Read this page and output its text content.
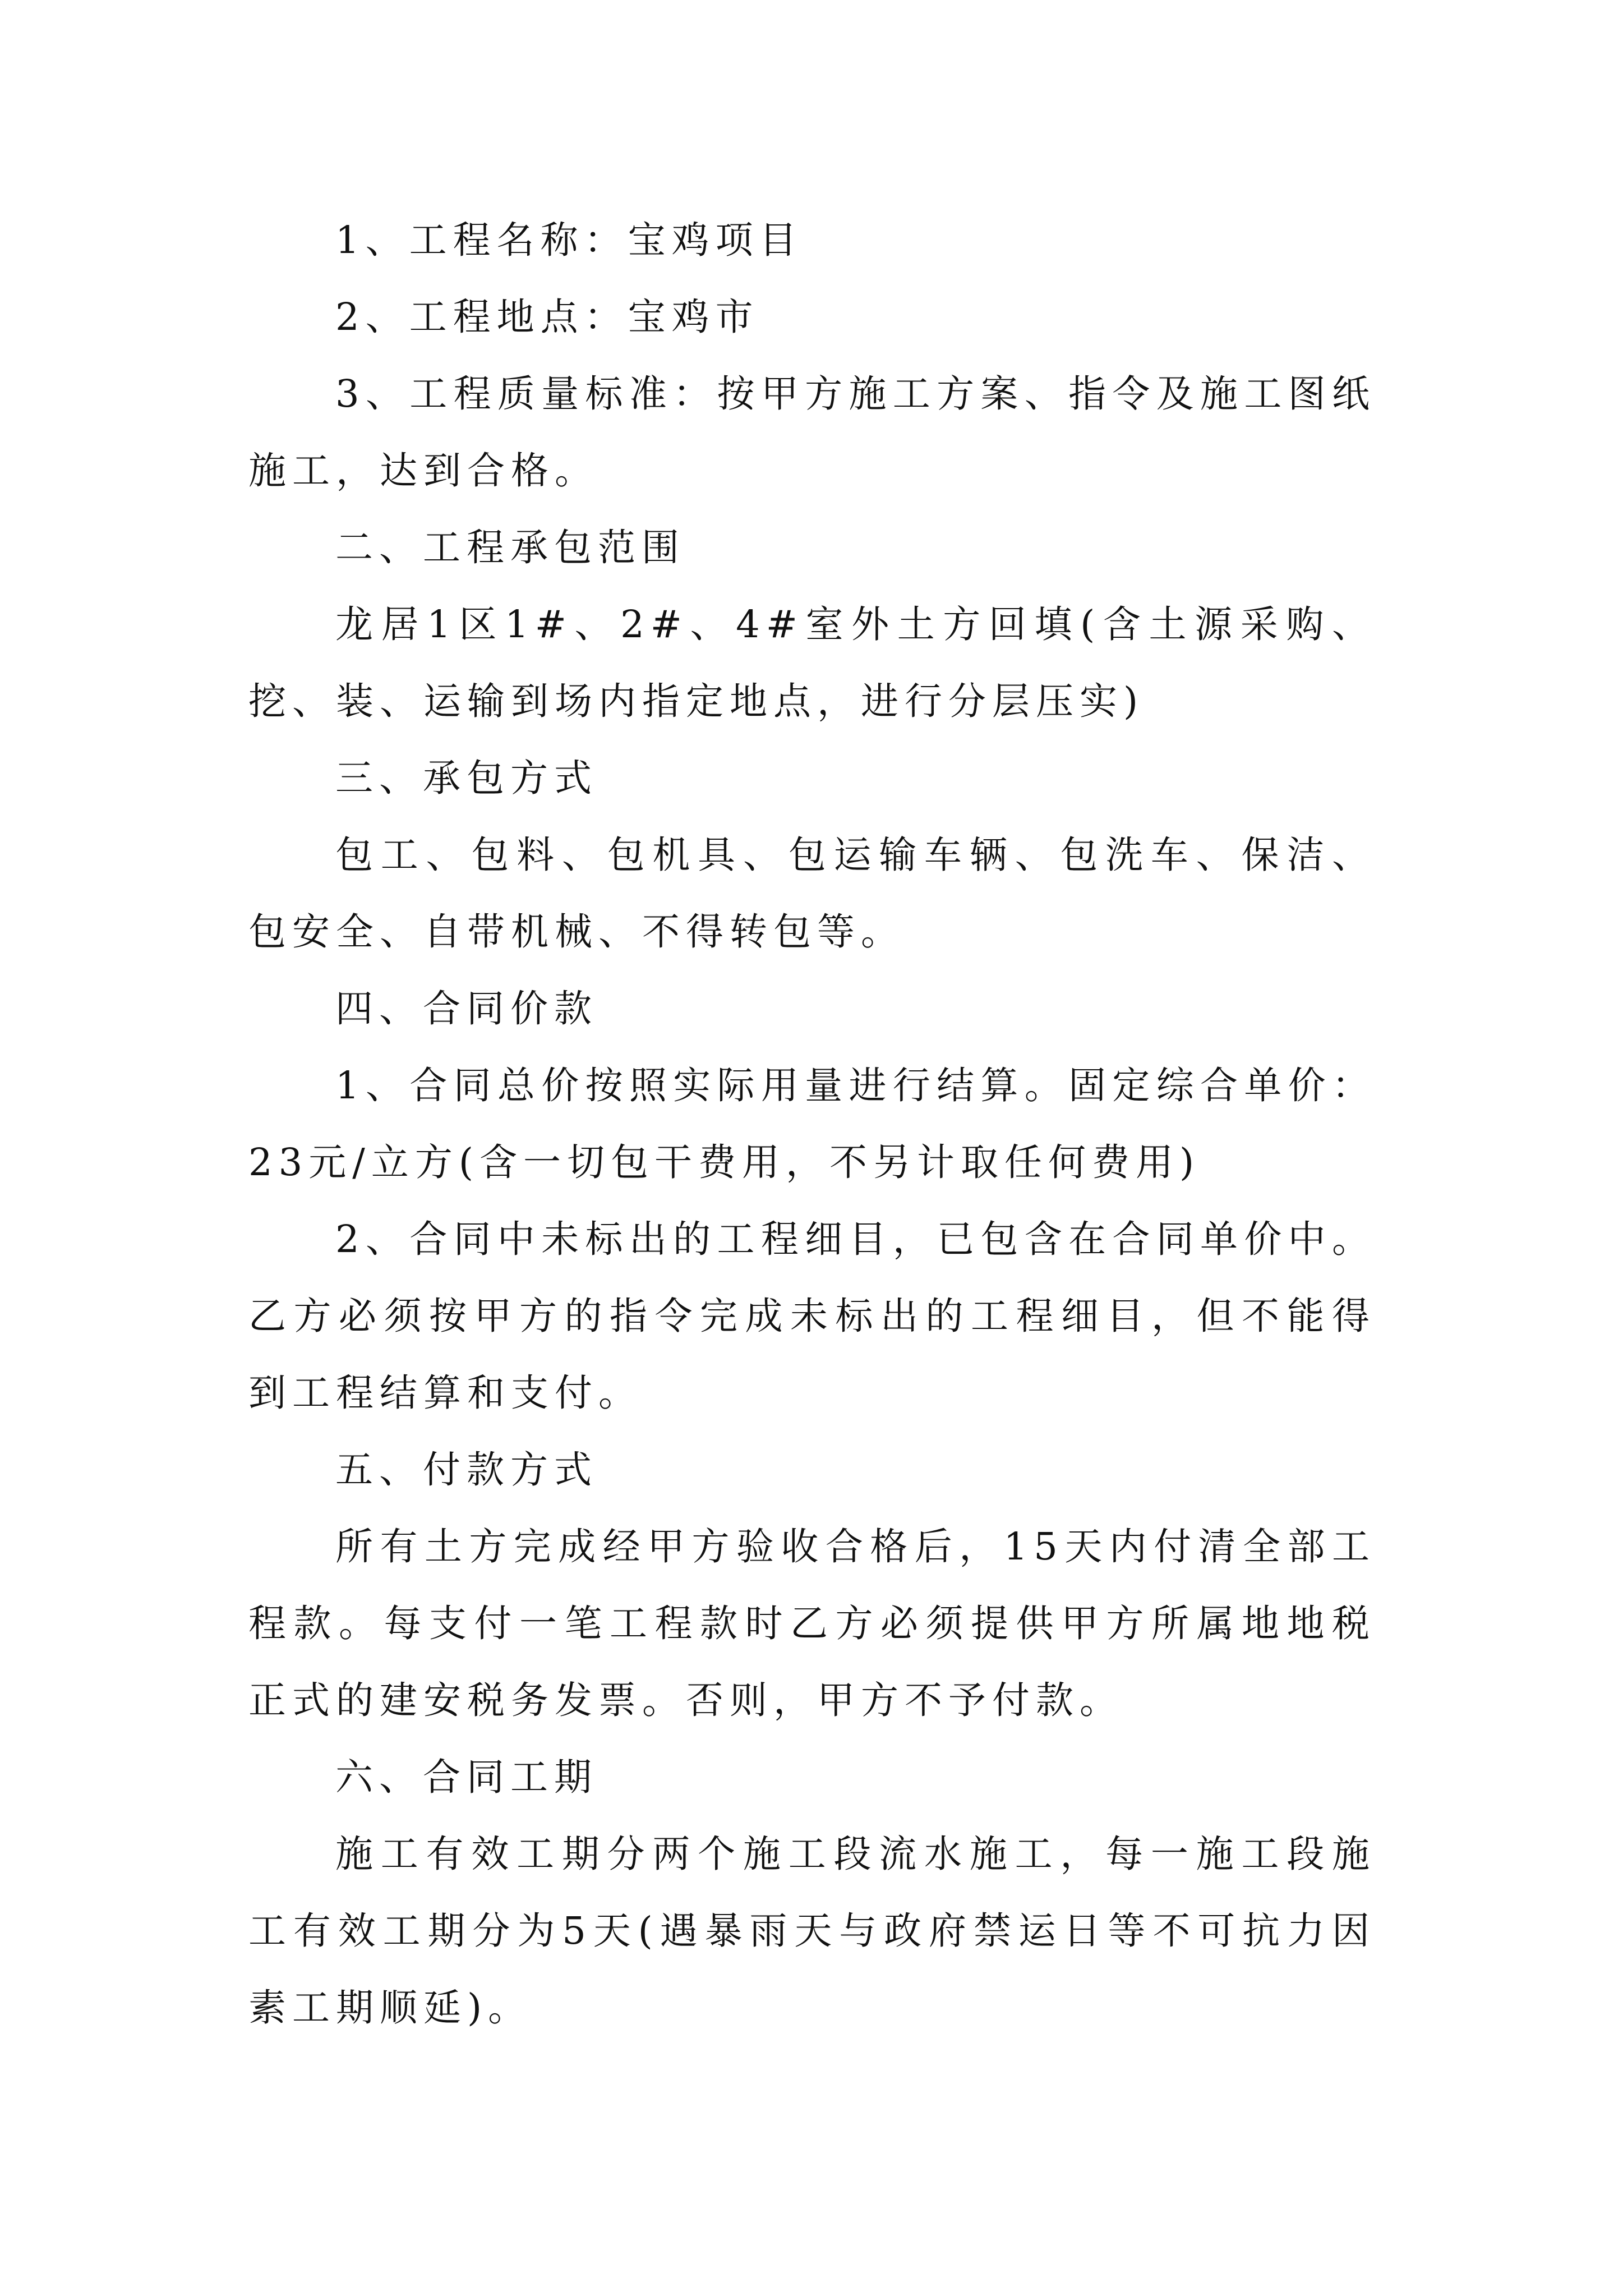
1、工程名称：宝鸡项目

2、工程地点：宝鸡市

3、工程质量标准：按甲方施工方案、指令及施工图纸施工，达到合格。

二、工程承包范围

龙居1区1#、2#、4#室外土方回填(含土源采购、挖、装、运输到场内指定地点，进行分层压实)

三、承包方式

包工、包料、包机具、包运输车辆、包洗车、保洁、包安全、自带机械、不得转包等。

四、合同价款

1、合同总价按照实际用量进行结算。固定综合单价：23元/立方(含一切包干费用，不另计取任何费用)

2、合同中未标出的工程细目，已包含在合同单价中。乙方必须按甲方的指令完成未标出的工程细目，但不能得到工程结算和支付。

五、付款方式

所有土方完成经甲方验收合格后，15天内付清全部工程款。每支付一笔工程款时乙方必须提供甲方所属地地税正式的建安税务发票。否则，甲方不予付款。

六、合同工期

施工有效工期分两个施工段流水施工，每一施工段施工有效工期分为5天(遇暴雨天与政府禁运日等不可抗力因素工期顺延)。
